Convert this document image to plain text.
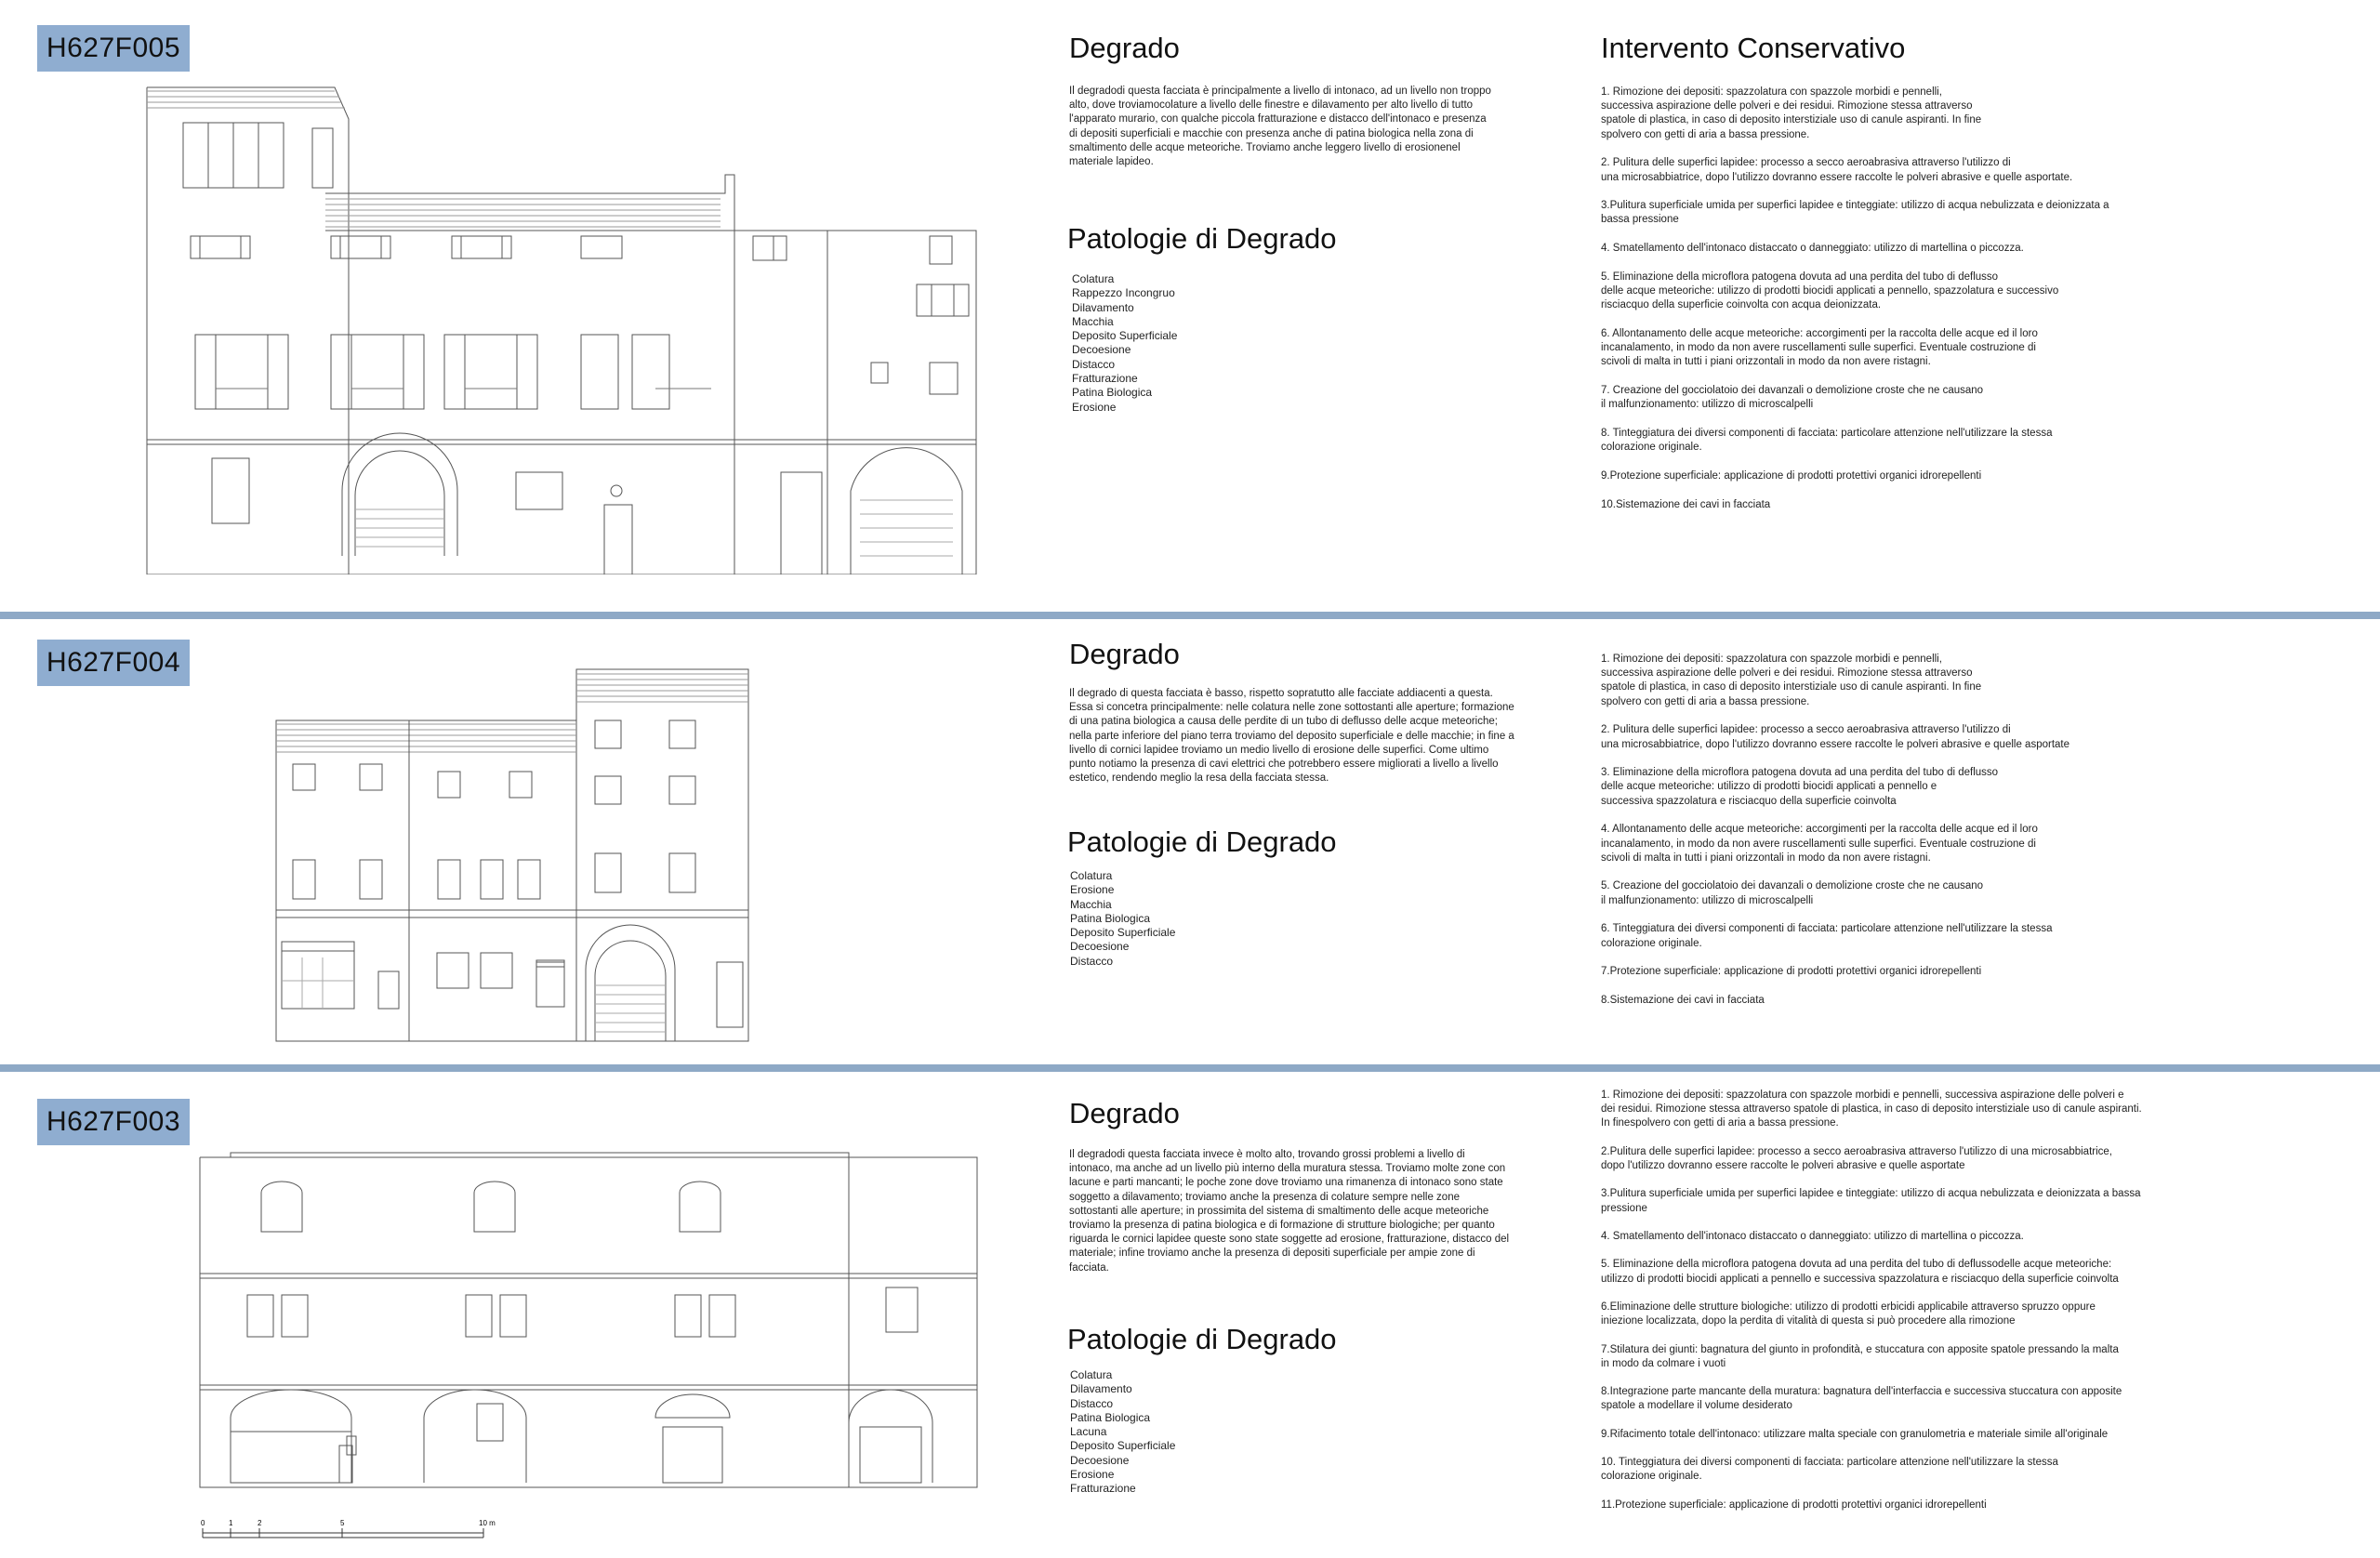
H627F005	Degrado
Il degradodi questa facciata è principalmente a livello di intonaco, ad un livello non troppo alto, dove troviamocolature a livello delle finestre e dilavamento per alto livello di tutto l'apparato murario, con qualche piccola fratturazione e distacco dell'intonaco e presenza di depositi superficiali e macchie con presenza anche di patina biologica nella zona di smaltimento delle acque meteoriche. Troviamo anche leggero livello di erosionenel materiale lapideo.
Patologie di Degrado
Colatura
Rappezzo Incongruo
Dilavamento
Macchia
Deposito Superficiale
Decoesione
Distacco
Fratturazione
Patina Biologica
Erosione
Intervento Conservativo
1. Rimozione dei depositi: spazzolatura con spazzole morbidi e pennelli,
successiva aspirazione delle polveri e dei residui. Rimozione stessa attraverso
spatole di plastica, in caso di deposito interstiziale uso di canule aspiranti. In fine
spolvero con getti di aria a bassa pressione.
2. Pulitura delle superfici lapidee: processo a secco aeroabrasiva attraverso l'utilizzo di
una microsabbiatrice, dopo l'utilizzo dovranno essere raccolte le polveri abrasive e quelle asportate.
3.Pulitura superficiale umida per superfici lapidee e tinteggiate: utilizzo di acqua nebulizzata e deionizzata a
bassa pressione
4. Smatellamento dell'intonaco distaccato o danneggiato: utilizzo di martellina o piccozza.
5. Eliminazione della microflora patogena dovuta ad una perdita del tubo di deflusso
delle acque meteoriche: utilizzo di prodotti biocidi applicati a pennello, spazzolatura e successivo
risciacquo della superficie coinvolta con acqua deionizzata.
6. Allontanamento delle acque meteoriche: accorgimenti per la raccolta delle acque ed il loro
incanalamento, in modo da non avere ruscellamenti sulle superfici. Eventuale costruzione di
scivoli di malta in tutti i piani orizzontali in modo da non avere ristagni.
7. Creazione del gocciolatoio dei davanzali o demolizione croste che ne causano
il malfunzionamento: utilizzo di microscalpelli
8. Tinteggiatura dei diversi componenti di facciata: particolare attenzione nell'utilizzare la stessa
colorazione originale.
9.Protezione superficiale: applicazione di prodotti protettivi organici idrorepellenti
10.Sistemazione dei cavi in facciata
H627F004	Degrado
Il degrado di questa facciata è basso, rispetto sopratutto alle facciate addiacenti a questa. Essa si concetra principalmente: nelle colatura nelle zone sottostanti alle aperture; formazione di una patina biologica a causa delle perdite di un tubo di deflusso delle acque meteoriche; nella parte inferiore del piano terra troviamo del deposito superficiale e delle macchie; in fine a livello di cornici lapidee troviamo un medio livello di erosione delle superfici. Come ultimo punto notiamo la presenza di cavi elettrici che potrebbero essere migliorati a livello a livello estetico, rendendo meglio la resa della facciata stessa.
Patologie di Degrado
Colatura
Erosione
Macchia
Patina Biologica
Deposito Superficiale
Decoesione
Distacco
1. Rimozione dei depositi: spazzolatura con spazzole morbidi e pennelli,
successiva aspirazione delle polveri e dei residui. Rimozione stessa attraverso
spatole di plastica, in caso di deposito interstiziale uso di canule aspiranti. In fine
spolvero con getti di aria a bassa pressione.
2. Pulitura delle superfici lapidee: processo a secco aeroabrasiva attraverso l'utilizzo di
una microsabbiatrice, dopo l'utilizzo dovranno essere raccolte le polveri abrasive e quelle asportate
3. Eliminazione della microflora patogena dovuta ad una perdita del tubo di deflusso
delle acque meteoriche: utilizzo di prodotti biocidi applicati a pennello e
successiva spazzolatura e risciacquo della superficie coinvolta
4. Allontanamento delle acque meteoriche: accorgimenti per la raccolta delle acque ed il loro
incanalamento, in modo da non avere ruscellamenti sulle superfici. Eventuale costruzione di
scivoli di malta in tutti i piani orizzontali in modo da non avere ristagni.
5. Creazione del gocciolatoio dei davanzali o demolizione croste che ne causano
il malfunzionamento: utilizzo di microscalpelli
6. Tinteggiatura dei diversi componenti di facciata: particolare attenzione nell'utilizzare la stessa
colorazione originale.
7.Protezione superficiale: applicazione di prodotti protettivi organici idrorepellenti
8.Sistemazione dei cavi in facciata
H627F003	Degrado
Il degradodi questa facciata invece è molto alto, trovando grossi problemi a livello di intonaco, ma anche ad un livello più interno della muratura stessa. Troviamo molte zone con lacune e parti mancanti; le poche zone dove troviamo una rimanenza di intonaco sono state soggetto a dilavamento; troviamo anche la presenza di colature sempre nelle zone sottostanti alle aperture; in prossimita del sistema di smaltimento delle acque meteoriche troviamo la presenza di patina biologica e di formazione di strutture biologiche; per quanto riguarda le cornici lapidee queste sono state soggette ad erosione, fratturazione, distacco del materiale; infine troviamo anche la presenza di depositi superficiale per ampie zone di facciata.
Patologie di Degrado
Colatura
Dilavamento
Distacco
Patina Biologica
Lacuna
Deposito Superficiale
Decoesione
Erosione
Fratturazione
1. Rimozione dei depositi: spazzolatura con spazzole morbidi e pennelli, successiva aspirazione delle polveri e
dei residui. Rimozione stessa attraverso spatole di plastica, in caso di deposito interstiziale uso di canule aspiranti.
In finespolvero con getti di aria a bassa pressione.
2.Pulitura delle superfici lapidee: processo a secco aeroabrasiva attraverso l'utilizzo di una microsabbiatrice,
dopo l'utilizzo dovranno essere raccolte le polveri abrasive e quelle asportate
3.Pulitura superficiale umida per superfici lapidee e tinteggiate: utilizzo di acqua nebulizzata e deionizzata a bassa
pressione
4. Smatellamento dell'intonaco distaccato o danneggiato: utilizzo di martellina o piccozza.
5. Eliminazione della microflora patogena dovuta ad una perdita del tubo di deflussodelle acque meteoriche:
utilizzo di prodotti biocidi applicati a pennello e successiva spazzolatura e risciacquo della superficie coinvolta
6.Eliminazione delle strutture biologiche: utilizzo di prodotti erbicidi applicabile attraverso spruzzo oppure
iniezione localizzata, dopo la perdita di vitalità di questa si può procedere alla rimozione
7.Stilatura dei giunti: bagnatura del giunto in profondità, e stuccatura con apposite spatole pressando la malta
in modo da colmare i vuoti
8.Integrazione parte mancante della muratura: bagnatura dell'interfaccia e successiva stuccatura con apposite
spatole a modellare il volume desiderato
9.Rifacimento totale dell'intonaco: utilizzare malta speciale con granulometria e materiale simile all'originale
10. Tinteggiatura dei diversi componenti di facciata: particolare attenzione nell'utilizzare la stessa
colorazione originale.
11.Protezione superficiale: applicazione di prodotti protettivi organici idrorepellenti
0	1	2	5	10 m
